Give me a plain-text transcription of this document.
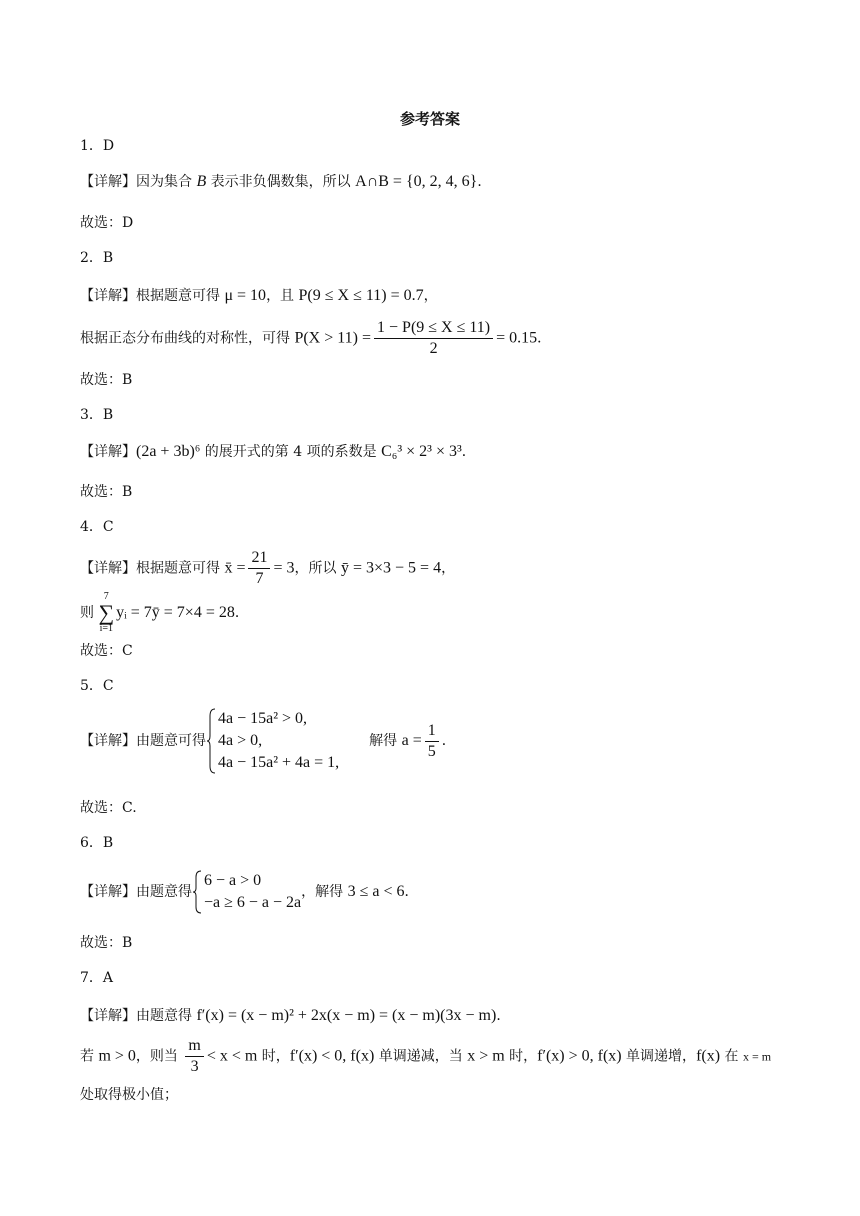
参考答案
1．D
【详解】因为集合 B 表示非负偶数集，所以 A∩B = {0, 2, 4, 6}．
故选：D
2．B
【详解】根据题意可得 μ = 10，且 P(9 ≤ X ≤ 11) = 0.7，
根据正态分布曲线的对称性，可得 $P(X > 11) = \frac{1 - P(9 \le X \le 11)}{2} = 0.15$．
故选：B
3．B
【详解】(2a + 3b)⁶ 的展开式的第 4 项的系数是 C₆³ × 2³ × 3³．
故选：B
4．C
【详解】根据题意可得 x̄ = $\frac{21}{7} = 3$，所以 ȳ = 3×3 − 5 = 4，
则 7
∑
i=1yᵢ = 7ȳ = 7×4 = 28．
故选：C
5．C
【详解】由题意可得
4a − 15a² > 0,
4a > 0,
4a − 15a² + 4a = 1,
解得 $a = \frac{1}{5}$ ．
故选：C.
6．B
【详解】由题意得
6 − a > 0
−a ≥ 6 − a − 2a
，解得 3 ≤ a < 6．
故选：B
7．A
【详解】由题意得 f′(x) = (x − m)² + 2x(x − m) = (x − m)(3x − m)．
若 m > 0，则当 $\frac{m}{3} < x < m$ 时，f′(x) < 0, f(x) 单调递减，当 x > m 时，f′(x) > 0, f(x) 单调递增，f(x) 在 x = m
处取得极小值；
